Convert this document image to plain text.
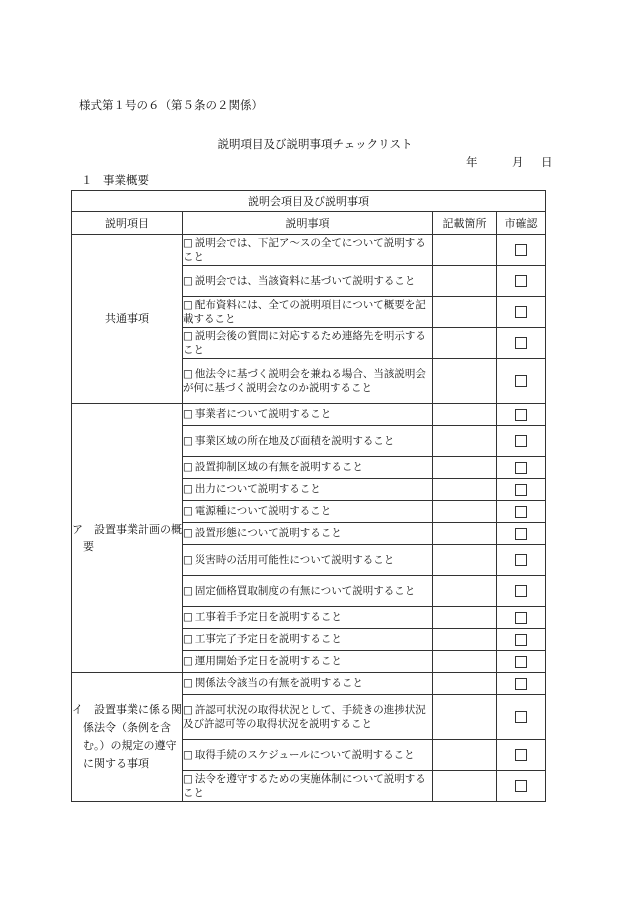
様式第１号の６（第５条の２関係）
説明項目及び説明事項チェックリスト
年	月 日
１ 事業概要
説明会項目及び説明事項			
説明項目	説明事項	記載箇所	市確認
共通事項	□ 説明会では、下記ア～スの全てについて説明すること		
	□ 説明会では、当該資料に基づいて説明すること		
	□ 配布資料には、全ての説明項目について概要を記載すること		
	□ 説明会後の質問に対応するため連絡先を明示すること		
	□ 他法令に基づく説明会を兼ねる場合、当該説明会が何に基づく説明会なのか説明すること		
ア　設置事業計画の概要	□ 事業者について説明すること		
	□ 事業区域の所在地及び面積を説明すること		
	□ 設置抑制区域の有無を説明すること		
	□ 出力について説明すること		
	□ 電源種について説明すること		
	□ 設置形態について説明すること		
	□ 災害時の活用可能性について説明すること		
	□ 固定価格買取制度の有無について説明すること		
	□ 工事着手予定日を説明すること		
	□ 工事完了予定日を説明すること		
	□ 運用開始予定日を説明すること		
イ　設置事業に係る関係法令（条例を含む。）の規定の遵守に関する事項	□ 関係法令該当の有無を説明すること		
	□ 許認可状況の取得状況として、手続きの進捗状況及び許認可等の取得状況を説明すること		
	□ 取得手続のスケジュールについて説明すること		
	□ 法令を遵守するための実施体制について説明すること		
